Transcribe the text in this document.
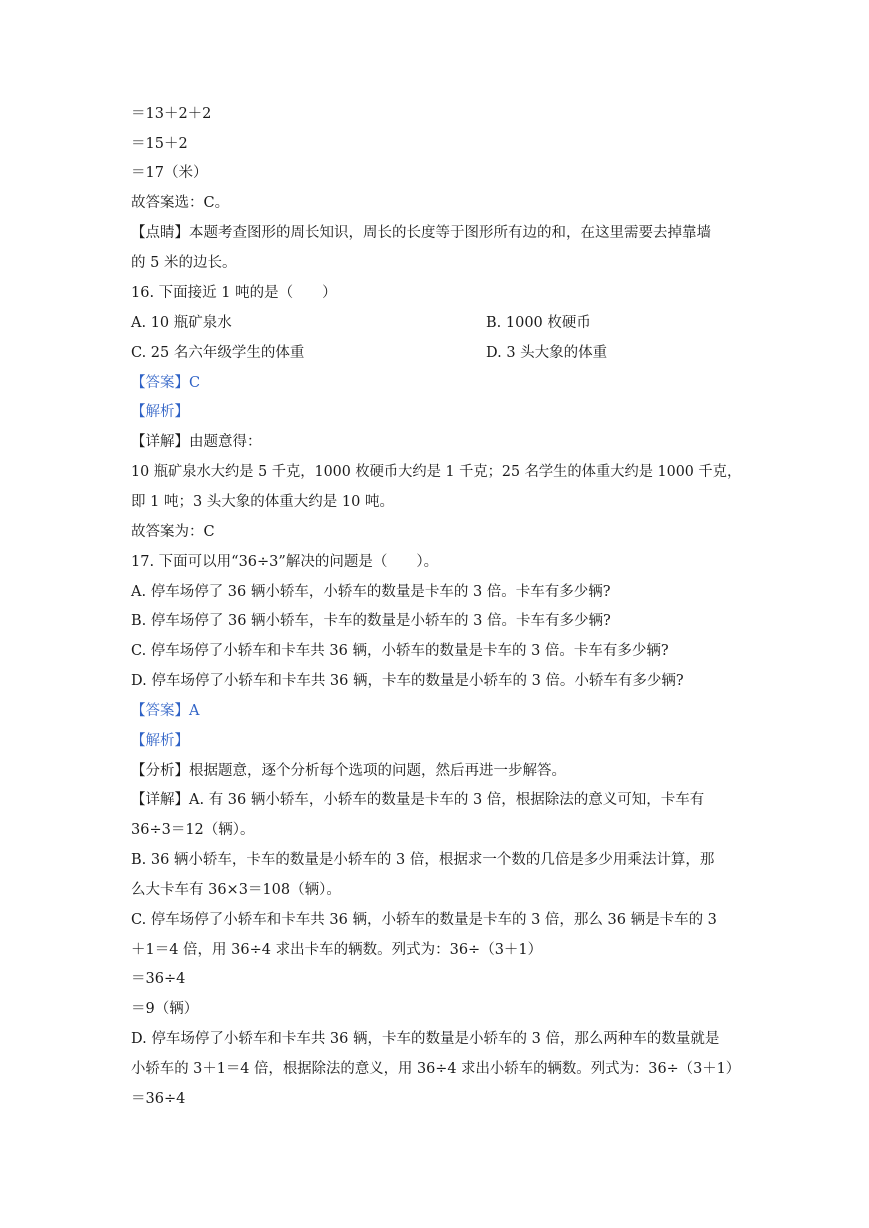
＝13＋2＋2
＝15＋2
＝17（米）
故答案选：C。
【点睛】本题考查图形的周长知识，周长的长度等于图形所有边的和，在这里需要去掉靠墙
的 5 米的边长。
16. 下面接近 1 吨的是（　　）
A. 10 瓶矿泉水	B. 1000 枚硬币
C. 25 名六年级学生的体重	D. 3 头大象的体重
【答案】C
【解析】
【详解】由题意得：
10 瓶矿泉水大约是 5 千克，1000 枚硬币大约是 1 千克；25 名学生的体重大约是 1000 千克，
即 1 吨；3 头大象的体重大约是 10 吨。
故答案为：C
17. 下面可以用“36÷3”解决的问题是（　　）。
A. 停车场停了 36 辆小轿车，小轿车的数量是卡车的 3 倍。卡车有多少辆?
B. 停车场停了 36 辆小轿车，卡车的数量是小轿车的 3 倍。卡车有多少辆?
C. 停车场停了小轿车和卡车共 36 辆，小轿车的数量是卡车的 3 倍。卡车有多少辆?
D. 停车场停了小轿车和卡车共 36 辆，卡车的数量是小轿车的 3 倍。小轿车有多少辆?
【答案】A
【解析】
【分析】根据题意，逐个分析每个选项的问题，然后再进一步解答。
【详解】A. 有 36 辆小轿车，小轿车的数量是卡车的 3 倍，根据除法的意义可知，卡车有
36÷3＝12（辆）。
B. 36 辆小轿车，卡车的数量是小轿车的 3 倍，根据求一个数的几倍是多少用乘法计算，那
么大卡车有 36×3＝108（辆）。
C. 停车场停了小轿车和卡车共 36 辆，小轿车的数量是卡车的 3 倍，那么 36 辆是卡车的 3
＋1＝4 倍，用 36÷4 求出卡车的辆数。列式为：36÷（3＋1）
＝36÷4
＝9（辆）
D. 停车场停了小轿车和卡车共 36 辆，卡车的数量是小轿车的 3 倍，那么两种车的数量就是
小轿车的 3＋1＝4 倍，根据除法的意义，用 36÷4 求出小轿车的辆数。列式为：36÷（3＋1）
＝36÷4
